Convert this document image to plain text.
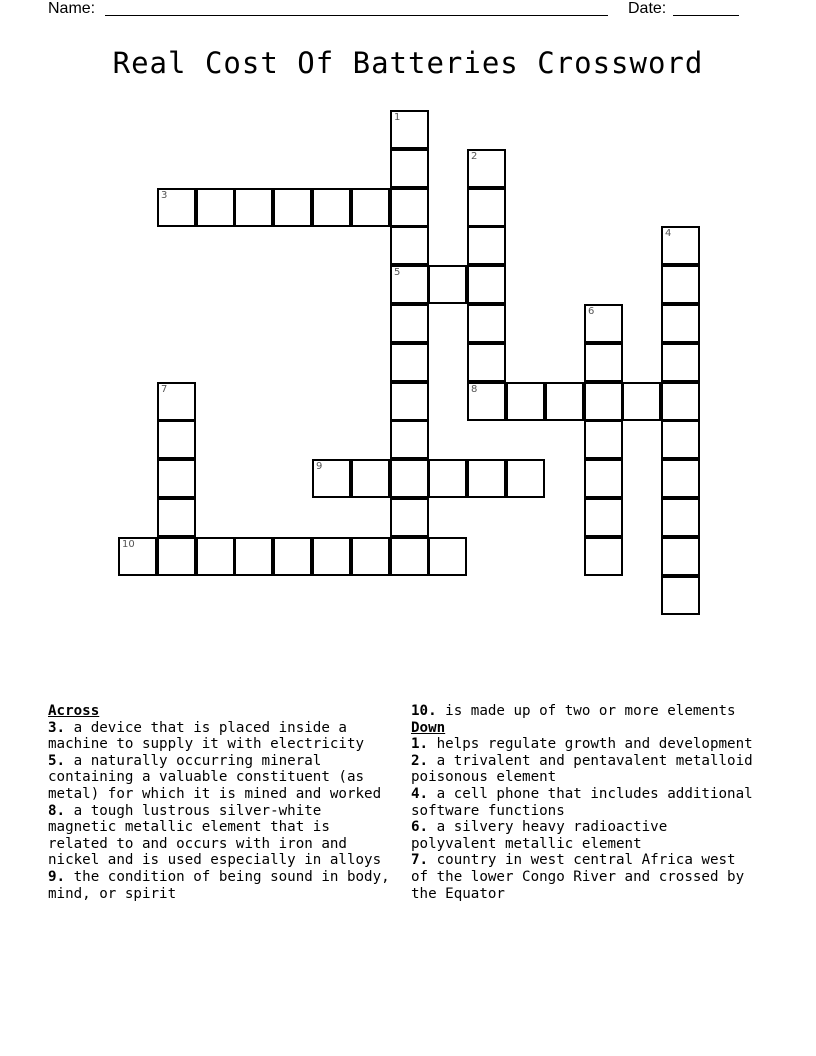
Name:	Date:
Real Cost Of Batteries Crossword
1
2
3
4
5
6
7	8
9
10
Across
3. a device that is placed inside a machine to supply it with electricity
5. a naturally occurring mineral containing a valuable constituent (as metal) for which it is mined and worked
8. a tough lustrous silver-white magnetic metallic element that is related to and occurs with iron and nickel and is used especially in alloys
9. the condition of being sound in body, mind, or spirit
10. is made up of two or more elements
Down
1. helps regulate growth and development
2. a trivalent and pentavalent metalloid poisonous element
4. a cell phone that includes additional software functions
6. a silvery heavy radioactive polyvalent metallic element
7. country in west central Africa west of the lower Congo River and crossed by the Equator
